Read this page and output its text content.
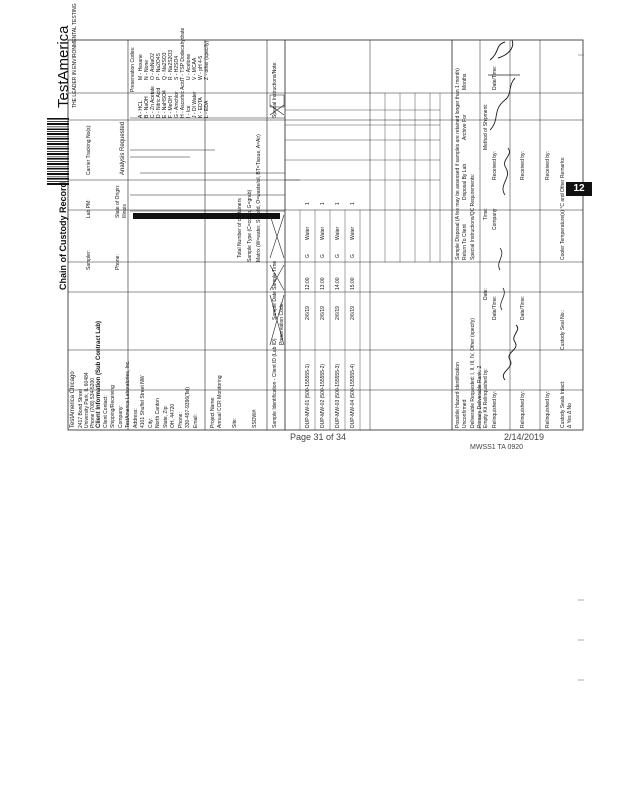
TestAmerica THE LEADER IN ENVIRONMENTAL TESTING
Chain of Custody Record
TestAmerica Chicago 2417 Bond Street University Park, IL 60484 Phone (708) 534-5200 Client Information (Sub Contract Lab) Client Contact: Shipping/Receiving Company: TestAmerica Laboratories, Inc. Address: 4101 Shuffel Street NW City: North Canton State, Zip: OH, 44720 Phone: 330-497-9396(Tel) Email: Project Name: Annual CCR Monitoring Site:	SSOW#:
Sampler:	Phone:
Lab PM:
Carrier Tracking No(s):
State of Origin: Illinois
Analysis Requested
Preservation Codes:
A - HCL B - NaOH C - Zn Acetate D - Nitric Acid E - NaHSO4 F - MeOH G - Amchlor H - Ascorbic Acid I - Ice J - DI Water K - EDTA L - EDA
M - Hexane N - None O - AsNaO2 P - Na2O4S Q - Na2SO3 R - Na2S2O3 S - H2SO4 T - TSP Dodecahydrate U - Acetone V - MCAA W - pH 4-5 Z - other (specify)
Special Instructions/Note:
Total Number of containers
Sample Identification - Client ID (Lab ID)
Sample Date
Sample Time
Sample Type (C=comp, G=grab) Matrix (W=water, S=solid, O=waste/oil, BT=Tissue, A=Air)
Preservation Code:
DUP-MW-01 (500-155555-1)
2/6/19
12:00
G
Water
1
DUP-MW-02 (500-155555-2)
2/6/19
13:00
G
Water
1
DUP-MW-03 (500-155555-3)
2/6/19
14:00
G
Water
1
DUP-MW-04 (500-155555-4)
2/6/19
15:00
G
Water
1
Possible Hazard Identification Unconfirmed Deliverable Requested: I, II, III, IV, Other (specify) Primary Deliverable Rank: 2
Sample Disposal (A fee may be assessed if samples are retained longer than 1 month) Return To Client
Disposal By Lab
Archive For
Months
Special Instructions/QC Requirements:
Empty Kit Relinquished by:
Date:
Time:
Method of Shipment:
Relinquished by:
Date/Time:
Company
Received by:
Date/Time:
Relinquished by:
Date/Time:
Received by:
Relinquished by:
Received by:
Custody Seals Intact: Δ Yes Δ No
Custody Seal No.:
Cooler Temperature(s) °C and Other Remarks:
Page 31 of 34	2/14/2019
MWSS1 TA 0920
12
